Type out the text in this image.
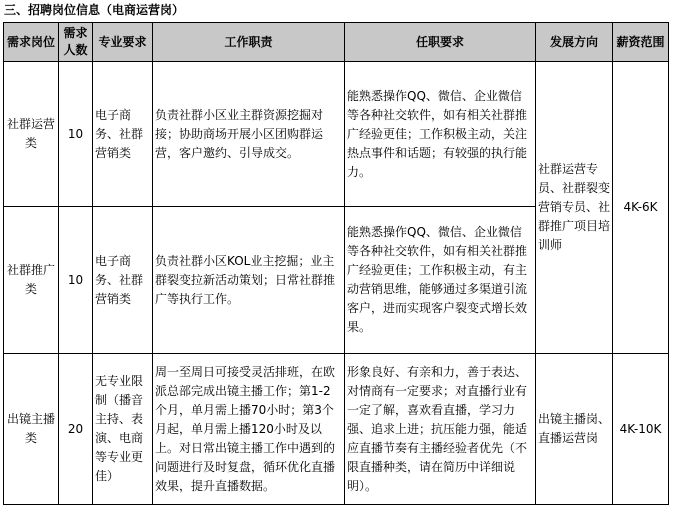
三、招聘岗位信息（电商运营岗）
需求岗位	需求人数	专业要求	工作职责	任职要求	发展方向	薪资范围
社群运营类	10	电子商务、社群营销类	负责社群小区业主群资源挖掘对接；协助商场开展小区团购群运营，客户邀约、引导成交。	能熟悉操作QQ、微信、企业微信等各种社交软件，如有相关社群推广经验更佳；工作积极主动，关注热点事件和话题；有较强的执行能力。	社群运营专员、社群裂变营销专员、社群推广项目培训师	4K-6K
社群推广类	10	电子商务、社群营销类	负责社群小区KOL业主挖掘；业主群裂变拉新活动策划；日常社群推广等执行工作。	能熟悉操作QQ、微信、企业微信等各种社交软件，如有相关社群推广经验更佳；工作积极主动，有主动营销思维，能够通过多渠道引流客户，进而实现客户裂变式增长效果。		
出镜主播类	20	无专业限制（播音主持、表演、电商等专业更佳）	周一至周日可接受灵活排班，在欧派总部完成出镜主播工作；第1-2个月，单月需上播70小时；第3个月起，单月需上播120小时及以上。对日常出镜主播工作中遇到的问题进行及时复盘，循环优化直播效果，提升直播数据。	形象良好、有亲和力，善于表达、对情商有一定要求；对直播行业有一定了解，喜欢看直播，学习力强、追求上进；抗压能力强，能适应直播节奏有主播经验者优先（不限直播种类，请在简历中详细说明）。	出镜主播岗、直播运营岗	4K-10K
